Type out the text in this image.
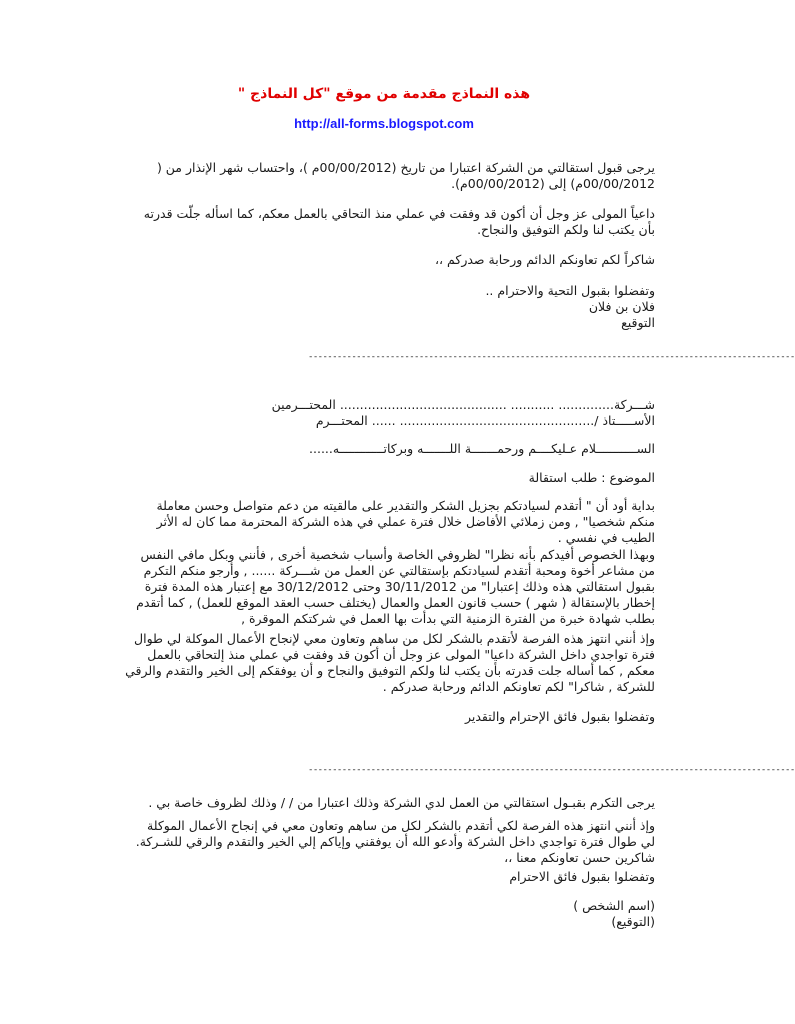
هذه النماذج مقدمة من موقع "كل النماذج "
http://all-forms.blogspot.com

يرجى قبول استقالتي من الشركة اعتبارا من تاريخ (00/00/2012م )، واحتساب شهر الإنذار من (

00/00/2012م) إلى (00/00/2012م).

داعياً المولى عز وجل أن أكون قد وفقت في عملي منذ التحاقي بالعمل معكم، كما اسأله جلّت قدرته

بأن يكتب لنا ولكم التوفيق والنجاح.

شاكراً لكم تعاونكم الدائم ورحابة صدركم ،،

وتفضلوا بقبول التحية والاحترام ..

فلان بن فلان

التوقيع

-----------------------------------------------------------------------------------------------------

شـــركة.............. ........... .......................................... المحتـــرمين

الأســـــتاذ /................................................. ...... المحتـــرم

الســـــــــــلام عـليكــــم ورحمـــــــة اللـــــــه وبركاتــــــــــــه......
الموضوع : طلب استقالة

بداية أود أن " أتقدم لسيادتكم بجزيل الشكر والتقدير على مالقيته من دعم متواصل وحسن معاملة

منكم شخصيا" , ومن زملائي الأفاضل خلال فترة عملي في هذه الشركة المحترمة مما كان له الأثر

الطيب في نفسي .

وبهذا الخصوص أفيدكم بأنه نظرا" لظروفي الخاصة وأسباب شخصية أخرى , فأنني وبكل مافي النفس

من مشاعر أخوة ومحبة أتقدم لسيادتكم بإستقالتي عن العمل من شـــركة ...... , وأرجو منكم التكرم

بقبول استقالتي هذه وذلك إعتبارا" من 30/11/2012 وحتى 30/12/2012 مع إعتبار هذه المدة فترة

إخطار بالإستقالة ( شهر ) حسب قانون العمل والعمال (يختلف حسب العقد الموقع للعمل) , كما أتقدم

بطلب شهادة خبرة من الفترة الزمنية التي بدأت بها العمل في شركتكم الموقرة ,

وإذ أنني انتهز هذه الفرصة لأتقدم بالشكر لكل من ساهم وتعاون معي لإنجاح الأعمال الموكلة لي طوال

فترة تواجدي داخل الشركة داعيا" المولى عز وجل أن أكون قد وفقت في عملي منذ إلتحاقي بالعمل

معكم , كما أساله جلت قدرته بأن يكتب لنا ولكم التوفيق والنجاح و أن يوفقكم إلى الخير والتقدم والرقي

للشركة , شاكرا" لكم تعاونكم الدائم ورحابة صدركم .

وتفضلوا بقبول فائق الإحترام والتقدير
-----------------------------------------------------------------------------------------------------
يرجى التكرم بقبـول استقالتي من العمل لدي الشركة وذلك اعتبارا من / / وذلك لظروف خاصة بي .

وإذ أنني انتهز هذه الفرصة لكي أتقدم بالشكر لكل من ساهم وتعاون معي في إنجاح الأعمال الموكلة

لي طوال فترة تواجدي داخل الشركة وأدعو الله أن يوفقني وإياكم إلي الخير والتقدم والرقي للشـركة.

شاكرين حسن تعاونكم معنا ،،

وتفضلوا بقبول فائق الاحترام

(اسم الشخص )

(التوقيع)
